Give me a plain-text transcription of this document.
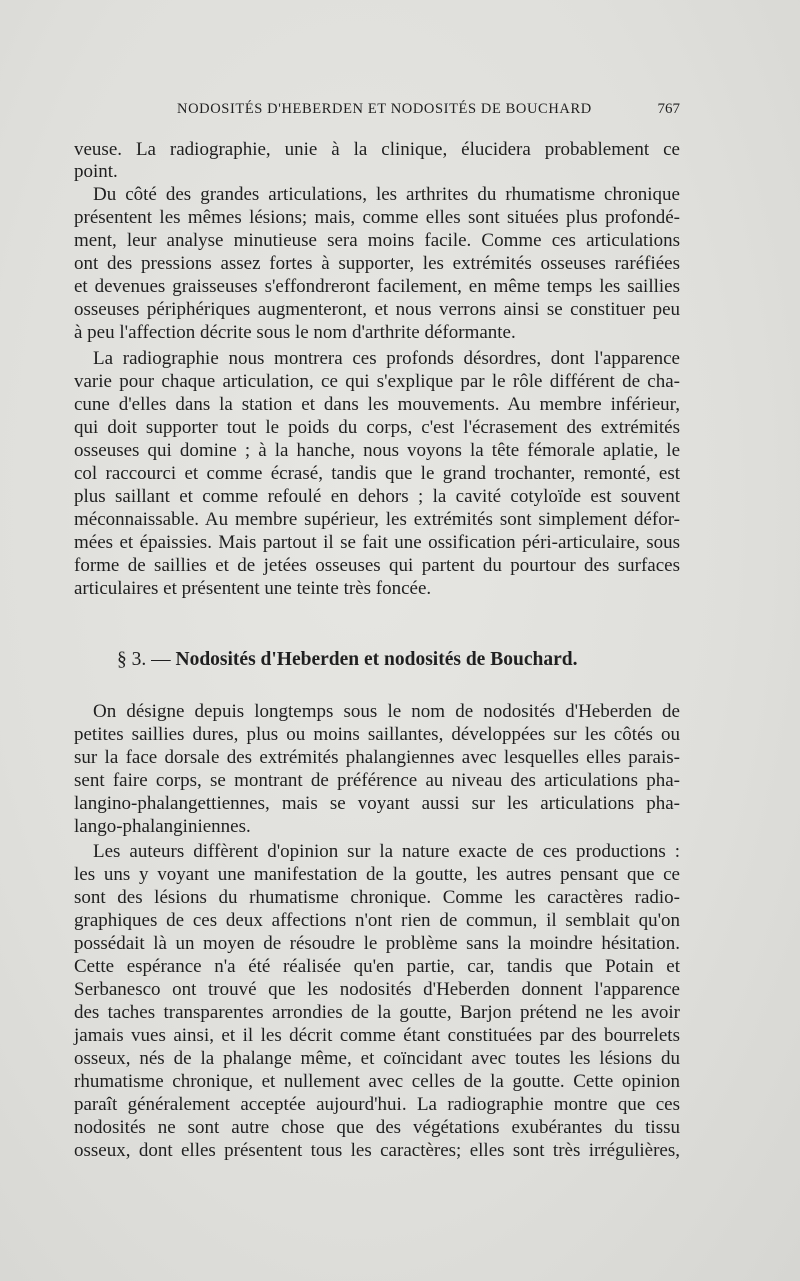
NODOSITÉS D'HEBERDEN ET NODOSITÉS DE BOUCHARD	767
veuse. La radiographie, unie à la clinique, élucidera probablement ce
point.
Du côté des grandes articulations, les arthrites du rhumatisme chronique
présentent les mêmes lésions; mais, comme elles sont situées plus profondé-
ment, leur analyse minutieuse sera moins facile. Comme ces articulations
ont des pressions assez fortes à supporter, les extrémités osseuses raréfiées
et devenues graisseuses s'effondreront facilement, en même temps les saillies
osseuses périphériques augmenteront, et nous verrons ainsi se constituer peu
à peu l'affection décrite sous le nom d'arthrite déformante.
La radiographie nous montrera ces profonds désordres, dont l'apparence
varie pour chaque articulation, ce qui s'explique par le rôle différent de cha-
cune d'elles dans la station et dans les mouvements. Au membre inférieur,
qui doit supporter tout le poids du corps, c'est l'écrasement des extrémités
osseuses qui domine ; à la hanche, nous voyons la tête fémorale aplatie, le
col raccourci et comme écrasé, tandis que le grand trochanter, remonté, est
plus saillant et comme refoulé en dehors ; la cavité cotyloïde est souvent
méconnaissable. Au membre supérieur, les extrémités sont simplement défor-
mées et épaissies. Mais partout il se fait une ossification péri-articulaire, sous
forme de saillies et de jetées osseuses qui partent du pourtour des surfaces
articulaires et présentent une teinte très foncée.
§ 3. — Nodosités d'Heberden et nodosités de Bouchard.
On désigne depuis longtemps sous le nom de nodosités d'Heberden de
petites saillies dures, plus ou moins saillantes, développées sur les côtés ou
sur la face dorsale des extrémités phalangiennes avec lesquelles elles parais-
sent faire corps, se montrant de préférence au niveau des articulations pha-
langino-phalangettiennes, mais se voyant aussi sur les articulations pha-
lango-phalanginiennes.
Les auteurs diffèrent d'opinion sur la nature exacte de ces productions :
les uns y voyant une manifestation de la goutte, les autres pensant que ce
sont des lésions du rhumatisme chronique. Comme les caractères radio-
graphiques de ces deux affections n'ont rien de commun, il semblait qu'on
possédait là un moyen de résoudre le problème sans la moindre hésitation.
Cette espérance n'a été réalisée qu'en partie, car, tandis que Potain et
Serbanesco ont trouvé que les nodosités d'Heberden donnent l'apparence
des taches transparentes arrondies de la goutte, Barjon prétend ne les avoir
jamais vues ainsi, et il les décrit comme étant constituées par des bourrelets
osseux, nés de la phalange même, et coïncidant avec toutes les lésions du
rhumatisme chronique, et nullement avec celles de la goutte. Cette opinion
paraît généralement acceptée aujourd'hui. La radiographie montre que ces
nodosités ne sont autre chose que des végétations exubérantes du tissu
osseux, dont elles présentent tous les caractères; elles sont très irrégulières,
